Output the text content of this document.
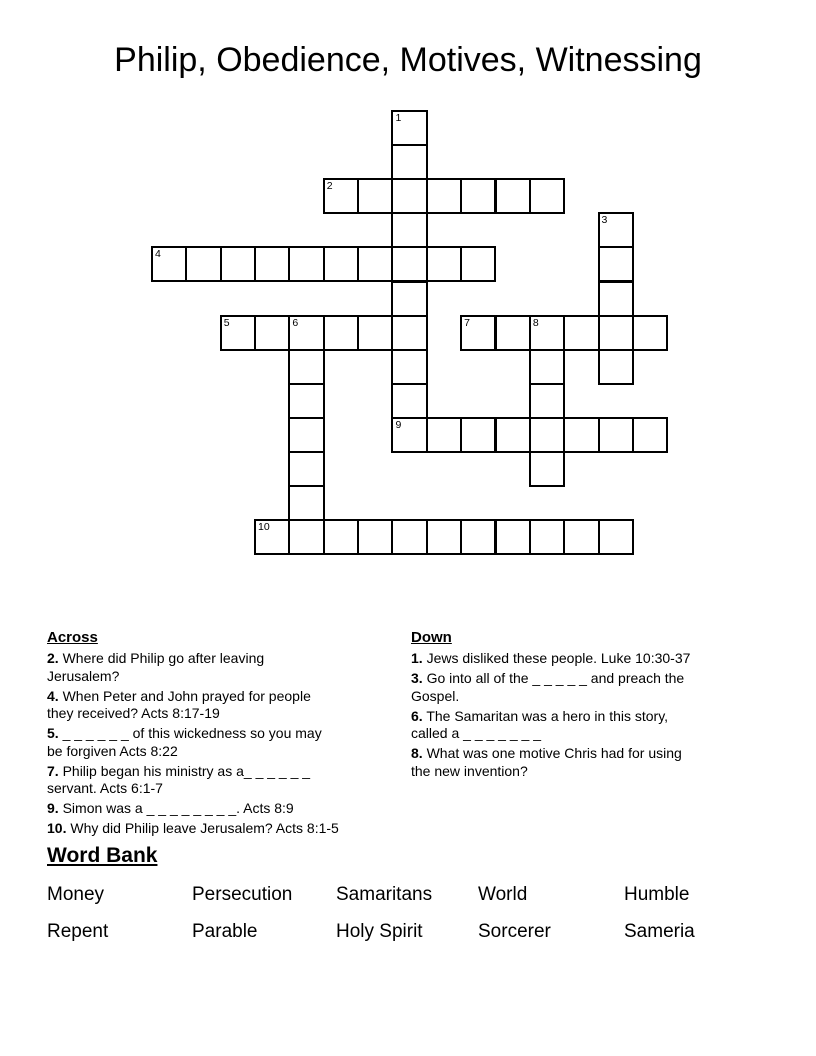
Philip, Obedience, Motives, Witnessing
1
2
3
4
5	6	7	8
9
10
Across
2. Where did Philip go after leaving
Jerusalem?
4. When Peter and John prayed for people
they received? Acts 8:17-19
5. _ _ _ _ _ _ of this wickedness so you may
be forgiven Acts 8:22
7. Philip began his ministry as a_ _ _ _ _ _
servant. Acts 6:1-7
9. Simon was a _ _ _ _ _ _ _ _. Acts 8:9
10. Why did Philip leave Jerusalem? Acts 8:1-5
Down
1. Jews disliked these people. Luke 10:30-37
3. Go into all of the _ _ _ _ _ and preach the
Gospel.
6. The Samaritan was a hero in this story,
called a _ _ _ _ _ _ _
8. What was one motive Chris had for using
the new invention?
Word Bank
Money	Persecution	Samaritans	World	Humble
Repent	Parable	Holy Spirit	Sorcerer	Sameria
